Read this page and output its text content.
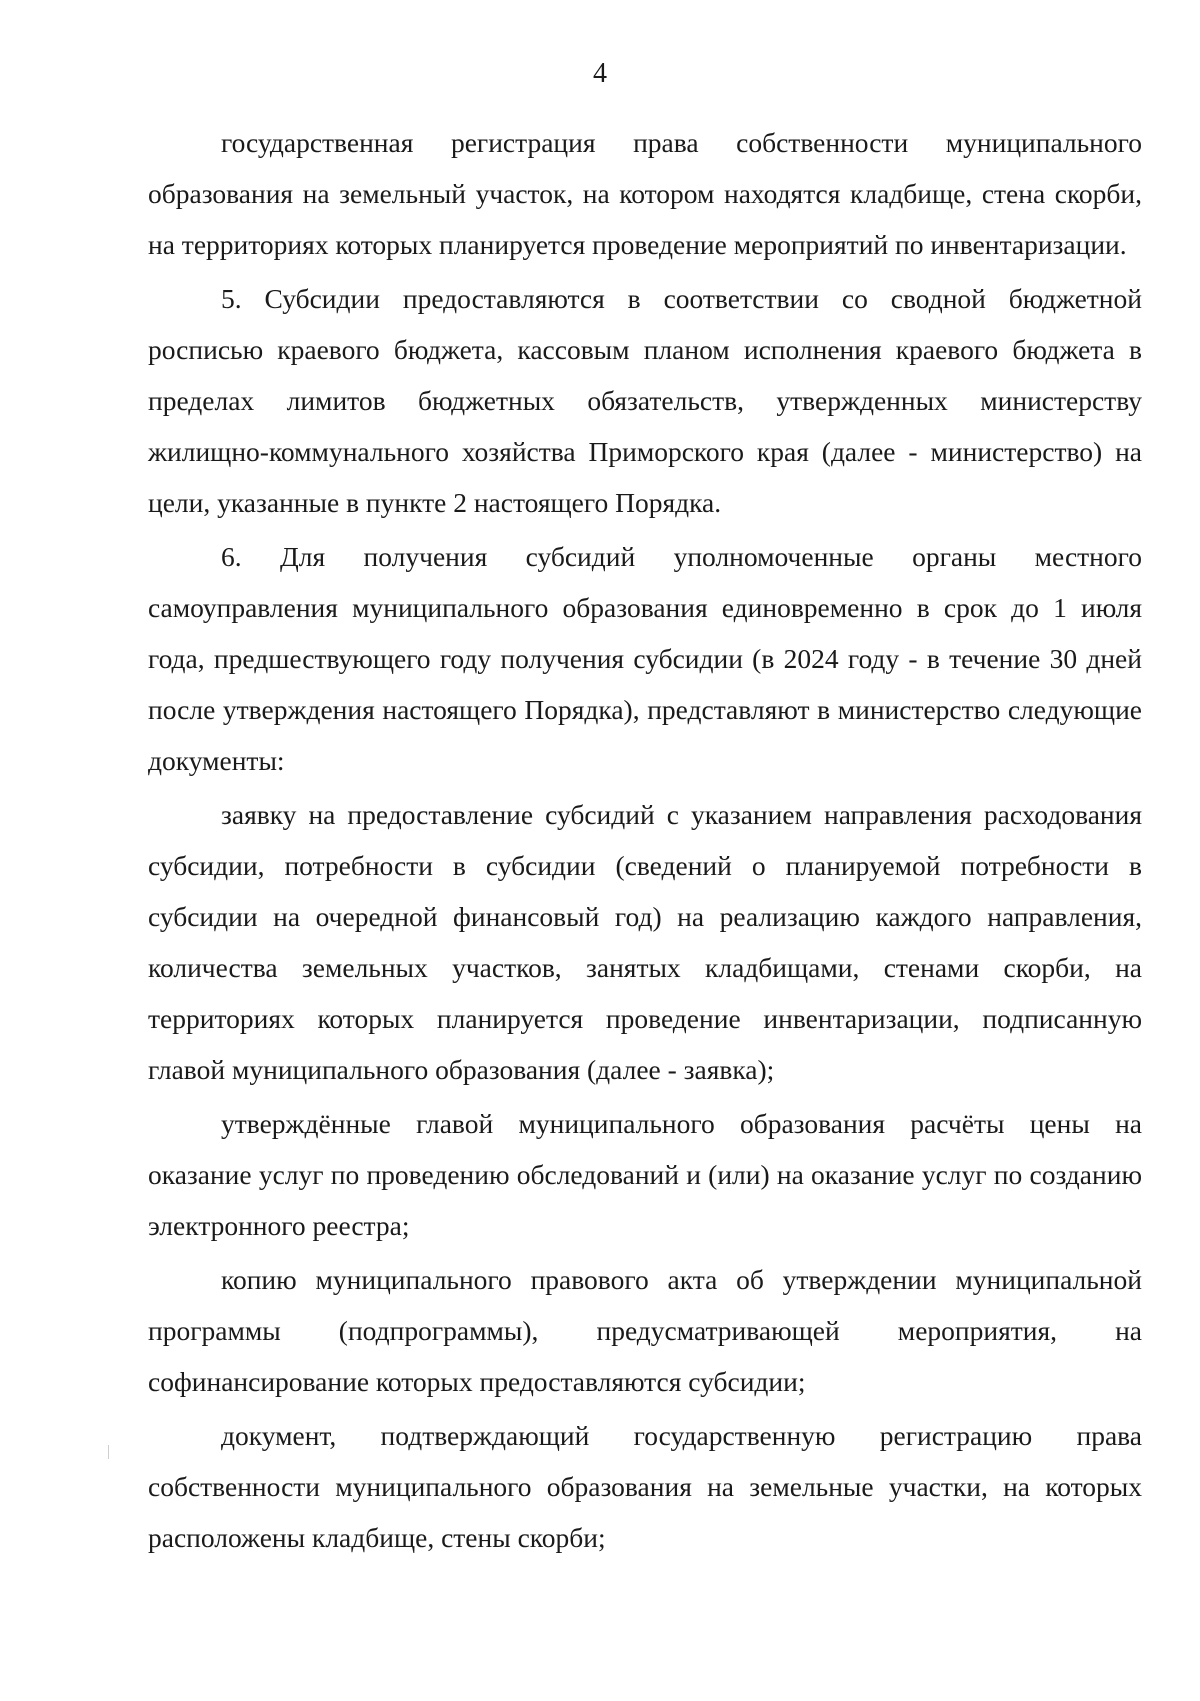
4

государственная регистрация права собственности муниципального образования на земельный участок, на котором находятся кладбище, стена скорби, на территориях которых планируется проведение мероприятий по инвентаризации.

5. Субсидии предоставляются в соответствии со сводной бюджетной росписью краевого бюджета, кассовым планом исполнения краевого бюджета в пределах лимитов бюджетных обязательств, утвержденных министерству жилищно-коммунального хозяйства Приморского края (далее - министерство) на цели, указанные в пункте 2 настоящего Порядка.

6. Для получения субсидий уполномоченные органы местного самоуправления муниципального образования единовременно в срок до 1 июля года, предшествующего году получения субсидии (в 2024 году - в течение 30 дней после утверждения настоящего Порядка), представляют в министерство следующие документы:

заявку на предоставление субсидий с указанием направления расходования субсидии, потребности в субсидии (сведений о планируемой потребности в субсидии на очередной финансовый год) на реализацию каждого направления, количества земельных участков, занятых кладбищами, стенами скорби, на территориях которых планируется проведение инвентаризации, подписанную главой муниципального образования (далее - заявка);

утверждённые главой муниципального образования расчёты цены на оказание услуг по проведению обследований и (или) на оказание услуг по созданию электронного реестра;

копию муниципального правового акта об утверждении муниципальной программы (подпрограммы), предусматривающей мероприятия, на софинансирование которых предоставляются субсидии;

документ, подтверждающий государственную регистрацию права собственности муниципального образования на земельные участки, на которых расположены кладбище, стены скорби;
